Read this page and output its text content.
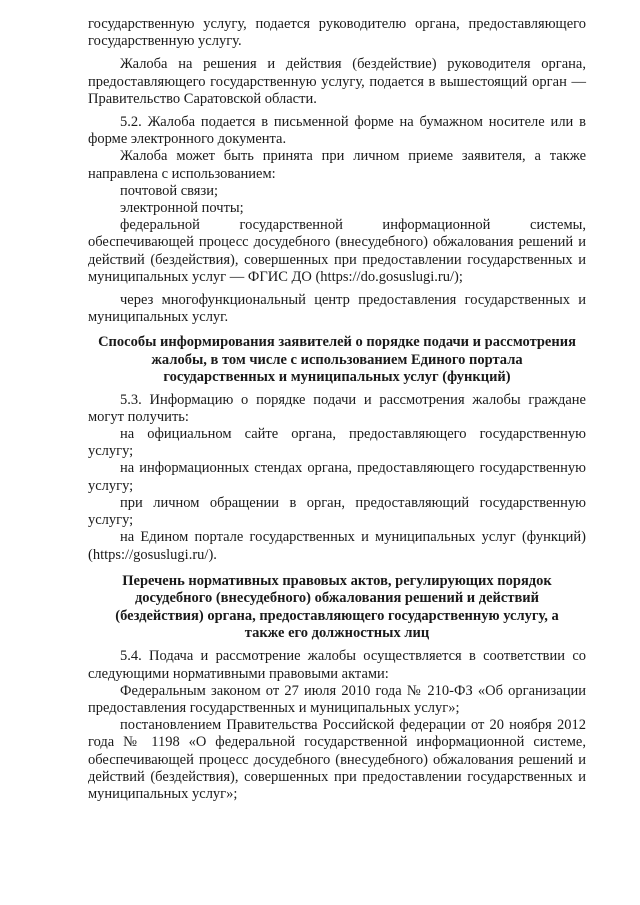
государственную услугу, подается руководителю органа, предоставляющего государственную услугу.

Жалоба на решения и действия (бездействие) руководителя органа, предоставляющего государственную услугу, подается в вышестоящий орган — Правительство Саратовской области.

5.2. Жалоба подается в письменной форме на бумажном носителе или в форме электронного документа.

Жалоба может быть принята при личном приеме заявителя, а также направлена с использованием:

почтовой связи;

электронной почты;

федеральной государственной информационной системы, обеспечивающей процесс досудебного (внесудебного) обжалования решений и действий (бездействия), совершенных при предоставлении государственных и муниципальных услуг — ФГИС ДО (https://do.gosuslugi.ru/);

через многофункциональный центр предоставления государственных и муниципальных услуг.

Способы информирования заявителей о порядке подачи и рассмотрения
жалобы, в том числе с использованием Единого портала
государственных и муниципальных услуг (функций)

5.3. Информацию о порядке подачи и рассмотрения жалобы граждане могут получить:

на официальном сайте органа, предоставляющего государственную услугу;

на информационных стендах органа, предоставляющего государственную услугу;

при личном обращении в орган, предоставляющий государственную услугу;

на Едином портале государственных и муниципальных услуг (функций) (https://gosuslugi.ru/).

Перечень нормативных правовых актов, регулирующих порядок
досудебного (внесудебного) обжалования решений и действий
(бездействия) органа, предоставляющего государственную услугу, а
также его должностных лиц

5.4. Подача и рассмотрение жалобы осуществляется в соответствии со следующими нормативными правовыми актами:

Федеральным законом от 27 июля 2010 года № 210-ФЗ «Об организации предоставления государственных и муниципальных услуг»;

постановлением Правительства Российской федерации от 20 ноября 2012 года № 1198 «О федеральной государственной информационной системе, обеспечивающей процесс досудебного (внесудебного) обжалования решений и действий (бездействия), совершенных при предоставлении государственных и муниципальных услуг»;
